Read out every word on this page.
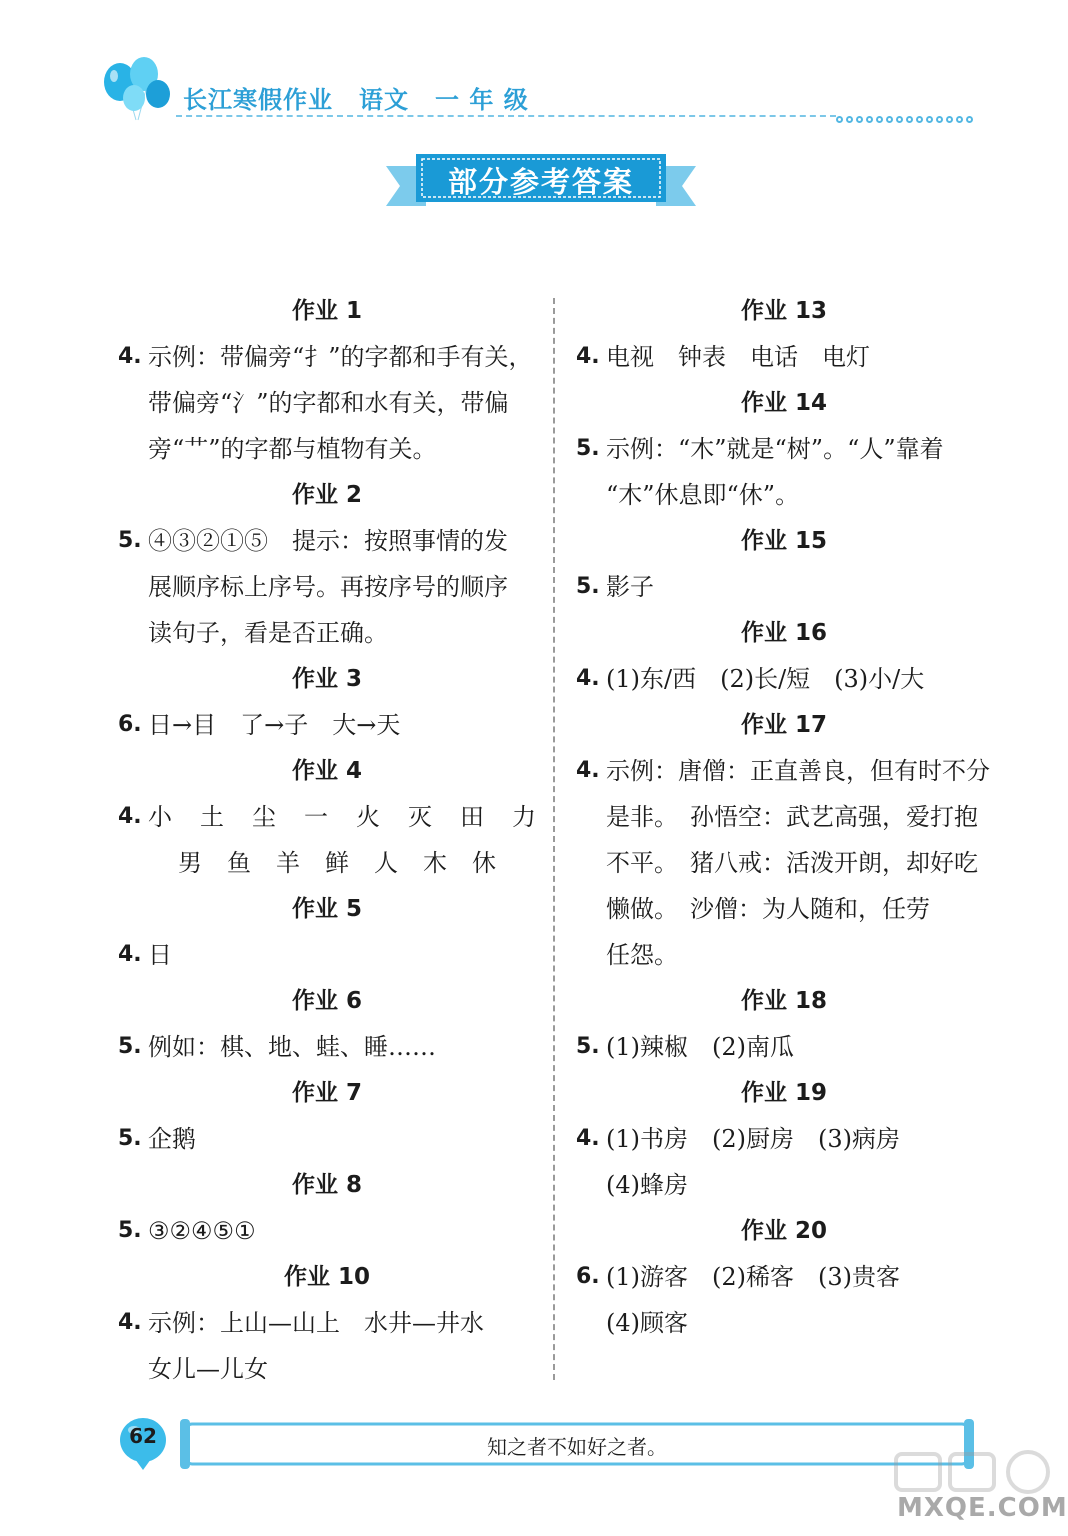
长江寒假作业 语文 一 年 级
部分参考答案
作业 1
4. 示例：带偏旁“扌”的字都和手有关，
带偏旁“氵”的字都和水有关，带偏
旁“艹”的字都与植物有关。
作业 2
5. ④③②①⑤　提示：按照事情的发
展顺序标上序号。再按序号的顺序
读句子，看是否正确。
作业 3
6. 日→目　了→子　大→天
作业 4
4. 小 土 尘 一 火 灭 田 力
男 鱼 羊 鲜 人 木 休
作业 5
4. 日
作业 6
5. 例如：棋、地、蛙、睡……
作业 7
5. 企鹅
作业 8
5. ③②④⑤①
作业 10
4. 示例：上山—山上　水井—井水
女儿—儿女
作业 13
4. 电视　钟表　电话　电灯
作业 14
5. 示例：“木”就是“树”。“人”靠着
“木”休息即“休”。
作业 15
5. 影子
作业 16
4. (1)东/西　(2)长/短　(3)小/大
作业 17
4. 示例：唐僧：正直善良，但有时不分
是非。　孙悟空：武艺高强，爱打抱
不平。　猪八戒：活泼开朗，却好吃
懒做。　沙僧：为人随和，任劳
任怨。
作业 18
5. (1)辣椒　(2)南瓜
作业 19
4. (1)书房　(2)厨房　(3)病房
(4)蜂房
作业 20
6. (1)游客　(2)稀客　(3)贵客
(4)顾客
62	知之者不如好之者。
MXQE.COM
